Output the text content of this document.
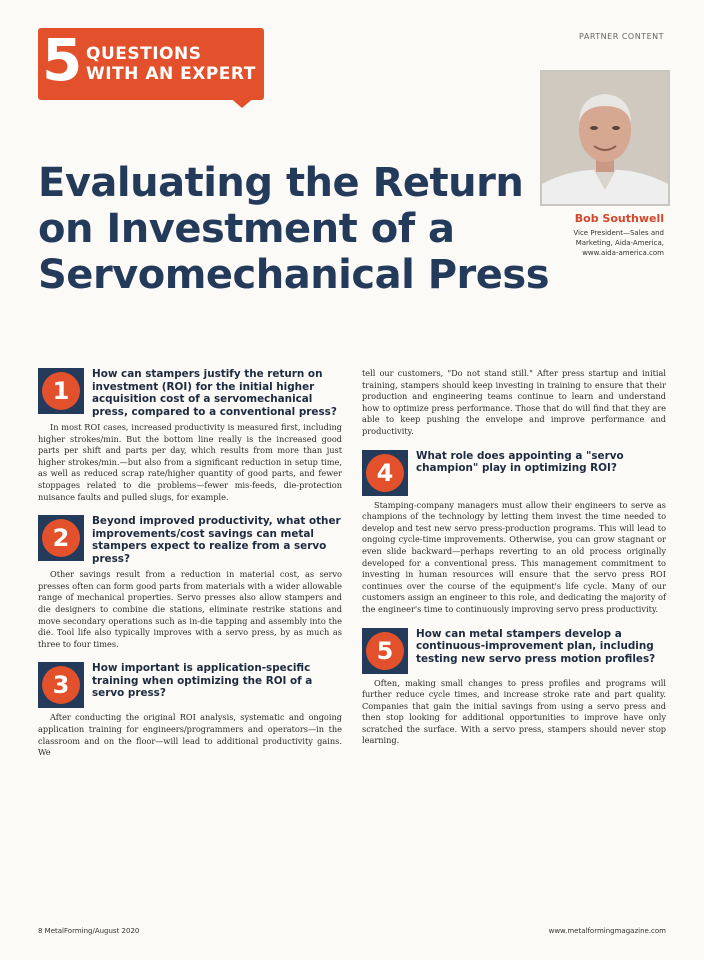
5 QUESTIONS
WITH AN EXPERT
PARTNER CONTENT
Evaluating the Return
on Investment of a
Servomechanical Press
Bob Southwell
Vice President—Sales and
Marketing, Aida-America,
www.aida-america.com
1
How can stampers justify the return on investment (ROI) for the initial higher acquisition cost of a servomechanical press, compared to a conventional press?

In most ROI cases, increased productivity is measured first, including higher strokes/min. But the bottom line really is the increased good parts per shift and parts per day, which results from more than just higher strokes/min.—but also from a significant reduction in setup time, as well as reduced scrap rate/higher quantity of good parts, and fewer stoppages related to die problems—fewer mis-feeds, die-protection nuisance faults and pulled slugs, for example.

2
Beyond improved productivity, what other improvements/cost savings can metal stampers expect to realize from a servo press?

Other savings result from a reduction in material cost, as servo presses often can form good parts from materials with a wider allowable range of mechanical properties. Servo presses also allow stampers and die designers to combine die stations, eliminate restrike stations and move secondary operations such as in-die tapping and assembly into the die. Tool life also typically improves with a servo press, by as much as three to four times.

3
How important is application-specific training when optimizing the ROI of a servo press?

After conducting the original ROI analysis, systematic and ongoing application training for engineers/programmers and operators—in the classroom and on the floor—will lead to additional productivity gains. We

tell our customers, "Do not stand still." After press startup and initial training, stampers should keep investing in training to ensure that their production and engineering teams continue to learn and understand how to optimize press performance. Those that do will find that they are able to keep pushing the envelope and improve performance and productivity.

4
What role does appointing a "servo champion" play in optimizing ROI?

Stamping-company managers must allow their engineers to serve as champions of the technology by letting them invest the time needed to develop and test new servo press-production programs. This will lead to ongoing cycle-time improvements. Otherwise, you can grow stagnant or even slide backward—perhaps reverting to an old process originally developed for a conventional press. This management commitment to investing in human resources will ensure that the servo press ROI continues over the course of the equipment's life cycle. Many of our customers assign an engineer to this role, and dedicating the majority of the engineer's time to continuously improving servo press productivity.

5
How can metal stampers develop a continuous-improvement plan, including testing new servo press motion profiles?

Often, making small changes to press profiles and programs will further reduce cycle times, and increase stroke rate and part quality. Companies that gain the initial savings from using a servo press and then stop looking for additional opportunities to improve have only scratched the surface. With a servo press, stampers should never stop learning.

8 MetalForming/August 2020	www.metalformingmagazine.com
